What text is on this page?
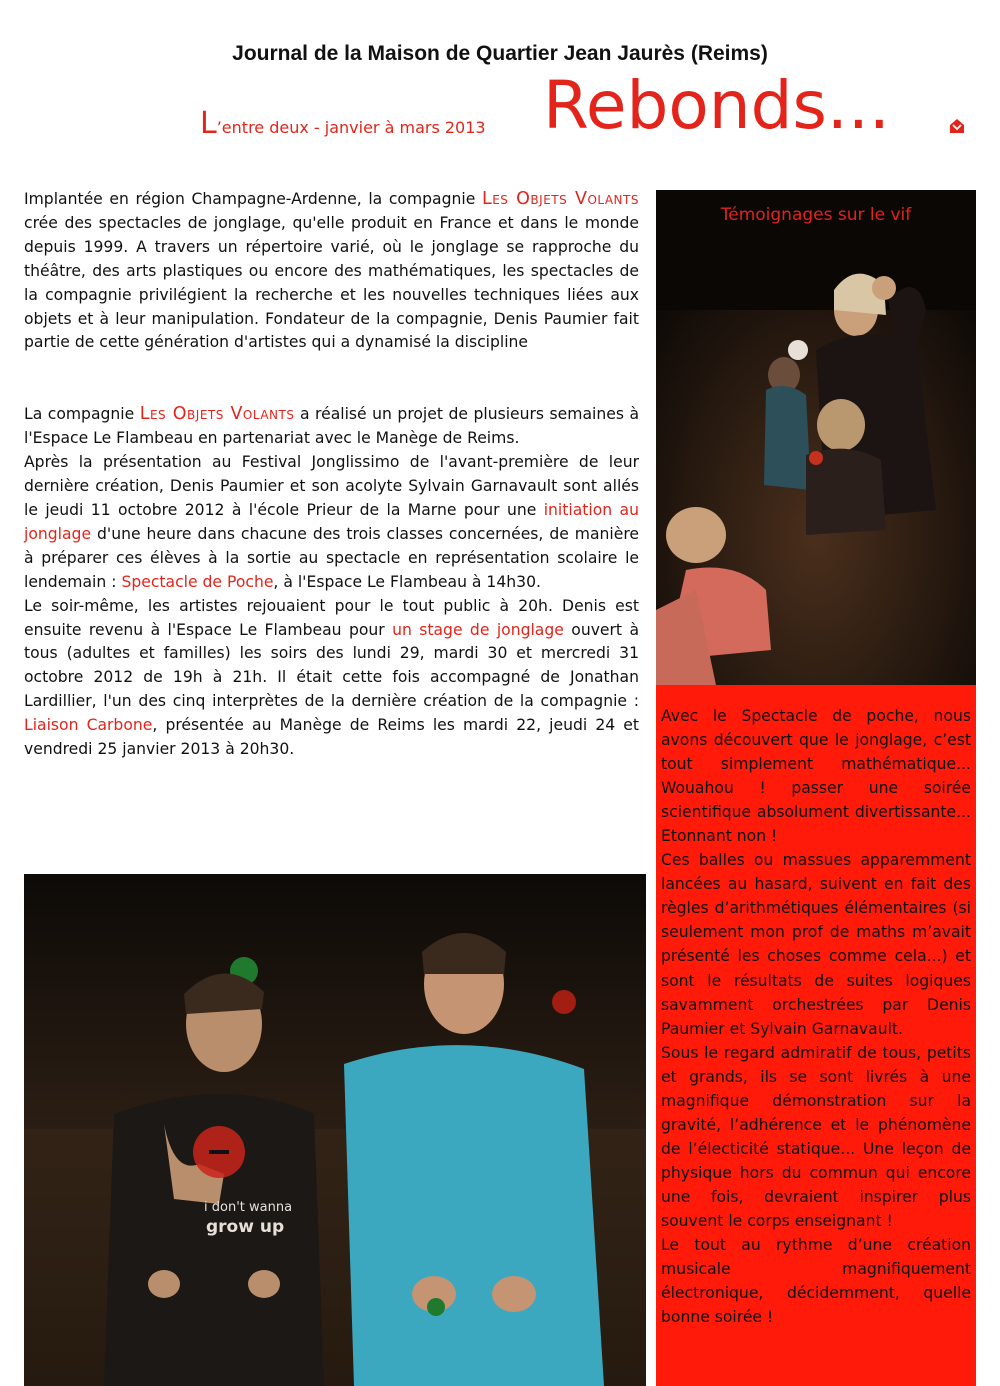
Journal de la Maison de Quartier Jean Jaurès (Reims)
L’entre deux - janvier à mars 2013 Rebonds...

Implantée en région Champagne-Ardenne, la compagnie Les Objets Volants crée des spectacles de jonglage, qu'elle produit en France et dans le monde depuis 1999. A travers un répertoire varié, où le jonglage se rapproche du théâtre, des arts plastiques ou encore des mathématiques, les spectacles de la compagnie privilégient la recherche et les nouvelles techniques liées aux objets et à leur manipulation. Fondateur de la compagnie, Denis Paumier fait partie de cette génération d'artistes qui a dynamisé la discipline

La compagnie Les Objets Volants a réalisé un projet de plusieurs semaines à l'Espace Le Flambeau en partenariat avec le Manège de Reims.

Après la présentation au Festival Jonglissimo de l'avant-première de leur dernière création, Denis Paumier et son acolyte Sylvain Garnavault sont allés le jeudi 11 octobre 2012 à l'école Prieur de la Marne pour une initiation au jonglage d'une heure dans chacune des trois classes concernées, de manière à préparer ces élèves à la sortie au spectacle en représentation scolaire le lendemain : Spectacle de Poche, à l'Espace Le Flambeau à 14h30.

Le soir-même, les artistes rejouaient pour le tout public à 20h. Denis est ensuite revenu à l'Espace Le Flambeau pour un stage de jonglage ouvert à tous (adultes et familles) les soirs des lundi 29, mardi 30 et mercredi 31 octobre 2012 de 19h à 21h. Il était cette fois accompagné de Jonathan Lardillier, l'un des cinq interprètes de la dernière création de la compagnie : Liaison Carbone, présentée au Manège de Reims les mardi 22, jeudi 24 et vendredi 25 janvier 2013 à 20h30.

Témoignages sur le vif

Avec le Spectacle de poche, nous avons découvert que le jonglage, c’est tout simplement mathématique... Wouahou ! passer une soirée scientifique absolument divertissante... Etonnant non !

Ces balles ou massues apparemment lancées au hasard, suivent en fait des règles d’arithmétiques élémentaires (si seulement mon prof de maths m’avait présenté les choses comme cela...) et sont le résultats de suites logiques savamment orchestrées par Denis Paumier et Sylvain Garnavault.

Sous le regard admiratif de tous, petits et grands, ils se sont livrés à une magnifique démonstration sur la gravité, l’adhérence et le phénomène de l’électicité statique... Une leçon de physique hors du commun qui encore une fois, devraient inspirer plus souvent le corps enseignant !

Le tout au rythme d’une création musicale magnifiquement électronique, décidemment, quelle bonne soirée !

i don't wanna
grow up
